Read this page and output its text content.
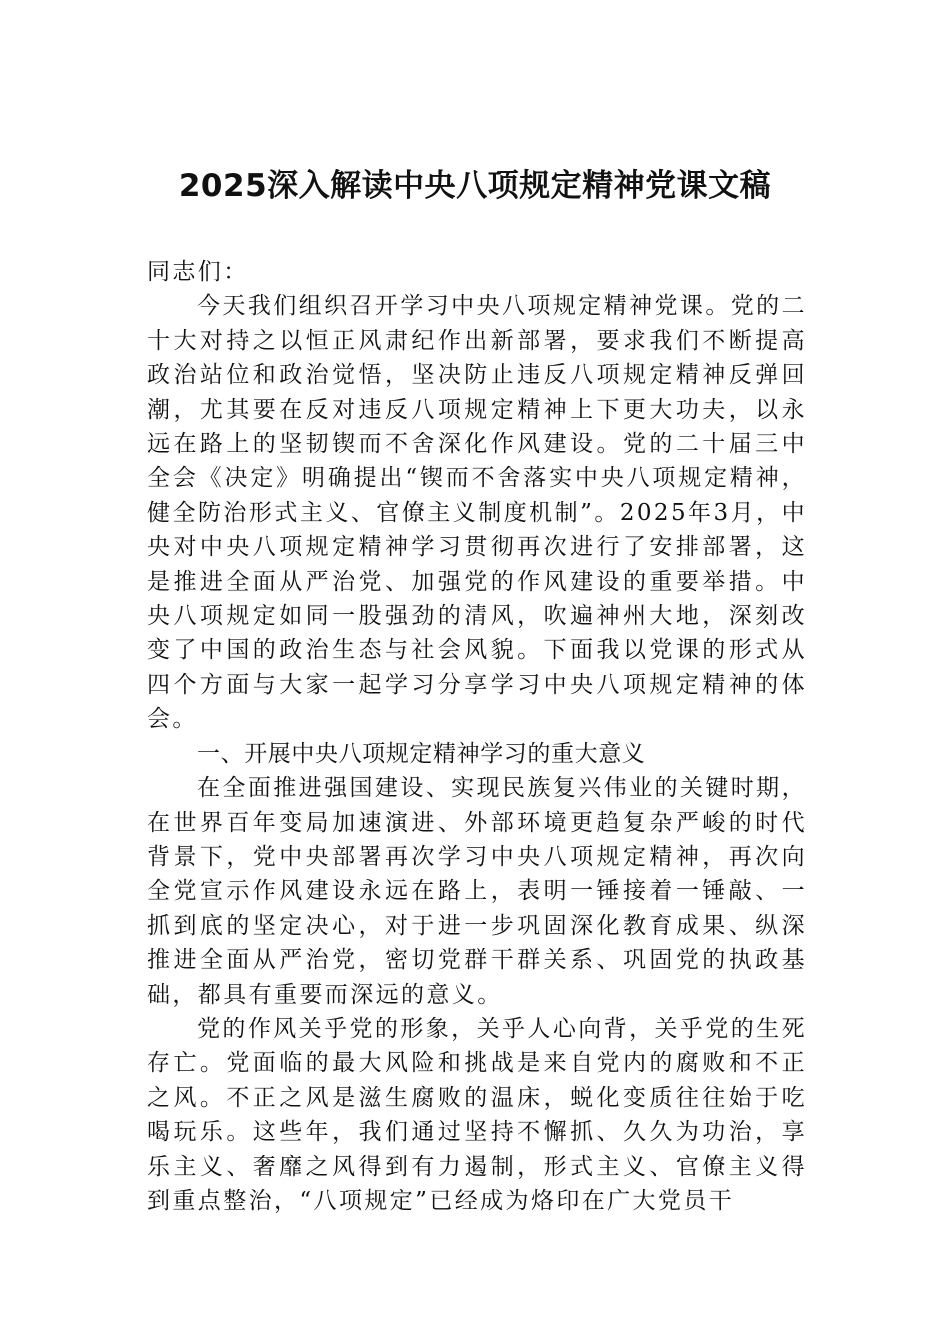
2025深入解读中央八项规定精神党课文稿

同志们：

今天我们组织召开学习中央八项规定精神党课。党的二十大对持之以恒正风肃纪作出新部署，要求我们不断提高政治站位和政治觉悟，坚决防止违反八项规定精神反弹回潮，尤其要在反对违反八项规定精神上下更大功夫，以永远在路上的坚韧锲而不舍深化作风建设。党的二十届三中全会《决定》明确提出“锲而不舍落实中央八项规定精神，健全防治形式主义、官僚主义制度机制”。2025年3月，中央对中央八项规定精神学习贯彻再次进行了安排部署，这是推进全面从严治党、加强党的作风建设的重要举措。中央八项规定如同一股强劲的清风，吹遍神州大地，深刻改变了中国的政治生态与社会风貌。下面我以党课的形式从四个方面与大家一起学习分享学习中央八项规定精神的体会。

一、开展中央八项规定精神学习的重大意义

在全面推进强国建设、实现民族复兴伟业的关键时期，在世界百年变局加速演进、外部环境更趋复杂严峻的时代背景下，党中央部署再次学习中央八项规定精神，再次向全党宣示作风建设永远在路上，表明一锤接着一锤敲、一抓到底的坚定决心，对于进一步巩固深化教育成果、纵深推进全面从严治党，密切党群干群关系、巩固党的执政基础，都具有重要而深远的意义。

党的作风关乎党的形象，关乎人心向背，关乎党的生死存亡。党面临的最大风险和挑战是来自党内的腐败和不正之风。不正之风是滋生腐败的温床，蜕化变质往往始于吃喝玩乐。这些年，我们通过坚持不懈抓、久久为功治，享乐主义、奢靡之风得到有力遏制，形式主义、官僚主义得到重点整治，“八项规定”已经成为烙印在广大党员干
